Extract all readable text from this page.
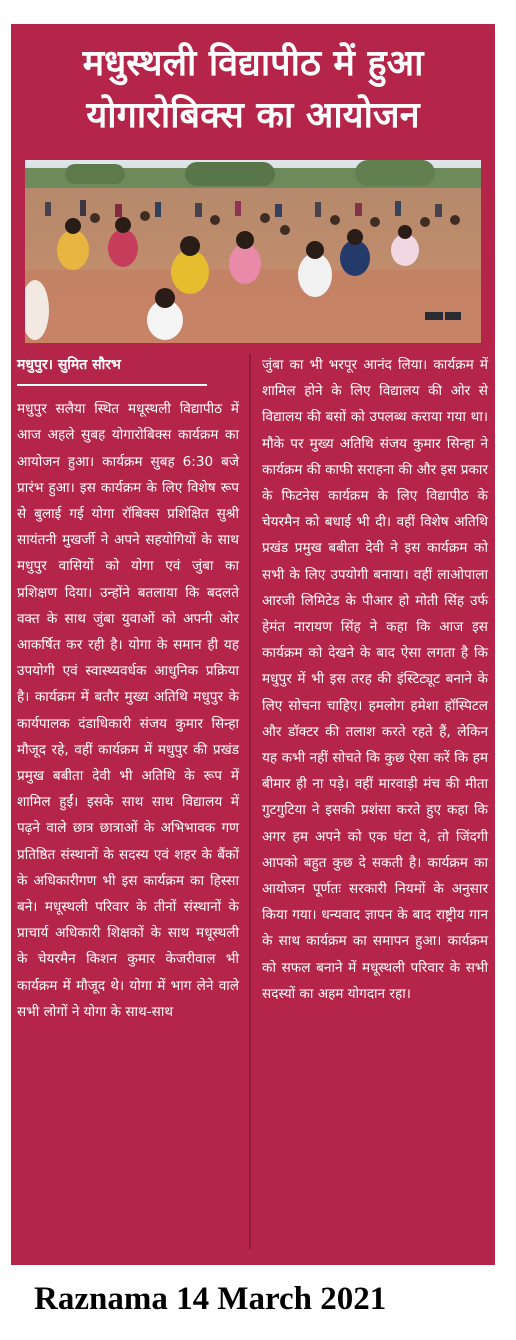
मधुस्थली विद्यापीठ में हुआ
योगारोबिक्स का आयोजन
मधुपुर। सुमित सौरभ

मधुपुर सलैया स्थित मधूस्थली विद्यापीठ में आज अहले सुबह योगारोबिक्स कार्यक्रम का आयोजन हुआ। कार्यक्रम सुबह 6:30 बजे प्रारंभ हुआ। इस कार्यक्रम के लिए विशेष रूप से बुलाई गई योगा रॉबिक्स प्रशिक्षित सुश्री सायंतनी मुखर्जी ने अपने सहयोगियों के साथ मधुपुर वासियों को योगा एवं जुंबा का प्रशिक्षण दिया। उन्होंने बतलाया कि बदलते वक्त के साथ जुंबा युवाओं को अपनी ओर आकर्षित कर रही है। योगा के समान ही यह उपयोगी एवं स्वास्थ्यवर्धक आधुनिक प्रक्रिया है। कार्यक्रम में बतौर मुख्य अतिथि मधुपुर के कार्यपालक दंडाधिकारी संजय कुमार सिन्हा मौजूद रहे, वहीं कार्यक्रम में मधुपुर की प्रखंड प्रमुख बबीता देवी भी अतिथि के रूप में शामिल हुईं। इसके साथ साथ विद्यालय में पढ़ने वाले छात्र छात्राओं के अभिभावक गण प्रतिष्ठित संस्थानों के सदस्य एवं शहर के बैंकों के अधिकारीगण भी इस कार्यक्रम का हिस्सा बने। मधूस्थली परिवार के तीनों संस्थानों के प्राचार्य अधिकारी शिक्षकों के साथ मधूस्थली के चेयरमैन किशन कुमार केजरीवाल भी कार्यक्रम में मौजूद थे। योगा में भाग लेने वाले सभी लोगों ने योगा के साथ-साथ

जुंबा का भी भरपूर आनंद लिया। कार्यक्रम में शामिल होने के लिए विद्यालय की ओर से विद्यालय की बसों को उपलब्ध कराया गया था। मौके पर मुख्य अतिथि संजय कुमार सिन्हा ने कार्यक्रम की काफी सराहना की और इस प्रकार के फिटनेस कार्यक्रम के लिए विद्यापीठ के चेयरमैन को बधाई भी दी। वहीं विशेष अतिथि प्रखंड प्रमुख बबीता देवी ने इस कार्यक्रम को सभी के लिए उपयोगी बनाया। वहीं लाओपाला आरजी लिमिटेड के पीआर हो मोती सिंह उर्फ हेमंत नारायण सिंह ने कहा कि आज इस कार्यक्रम को देखने के बाद ऐसा लगता है कि मधुपुर में भी इस तरह की इंस्टिट्यूट बनाने के लिए सोचना चाहिए। हमलोग हमेशा हॉस्पिटल और डॉक्टर की तलाश करते रहते हैं, लेकिन यह कभी नहीं सोचते कि कुछ ऐसा करें कि हम बीमार ही ना पड़े। वहीं मारवाड़ी मंच की मीता गुटगुटिया ने इसकी प्रशंसा करते हुए कहा कि अगर हम अपने को एक घंटा दे, तो जिंदगी आपको बहुत कुछ दे सकती है। कार्यक्रम का आयोजन पूर्णतः सरकारी नियमों के अनुसार किया गया। धन्यवाद ज्ञापन के बाद राष्ट्रीय गान के साथ कार्यक्रम का समापन हुआ। कार्यक्रम को सफल बनाने में मधूस्थली परिवार के सभी सदस्यों का अहम योगदान रहा।

Raznama 14 March 2021
